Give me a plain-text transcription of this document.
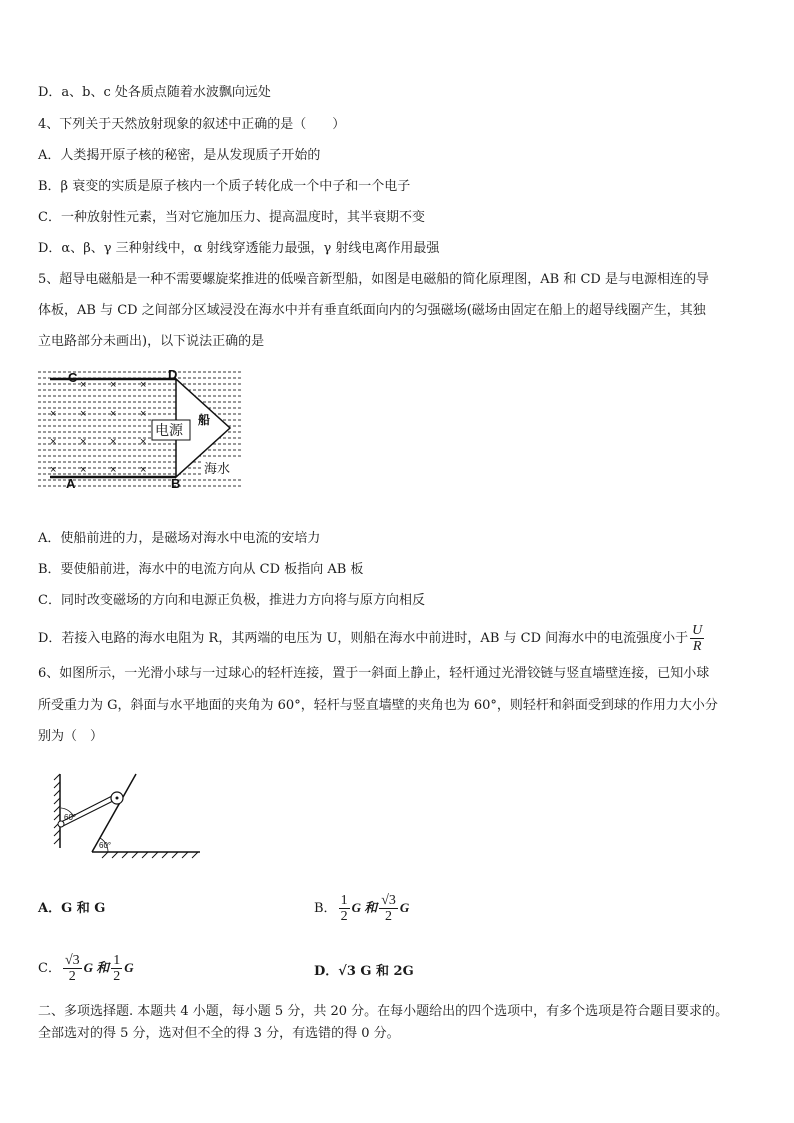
D．a、b、c 处各质点随着水波飘向远处
4、下列关于天然放射现象的叙述中正确的是（　　）
A．人类揭开原子核的秘密，是从发现质子开始的
B．β 衰变的实质是原子核内一个质子转化成一个中子和一个电子
C．一种放射性元素，当对它施加压力、提高温度时，其半衰期不变
D．α、β、γ 三种射线中，α 射线穿透能力最强，γ 射线电离作用最强
5、超导电磁船是一种不需要螺旋桨推进的低噪音新型船，如图是电磁船的简化原理图，AB 和 CD 是与电源相连的导
体板，AB 与 CD 之间部分区域浸没在海水中并有垂直纸面向内的匀强磁场(磁场由固定在船上的超导线圈产生，其独
立电路部分未画出)，以下说法正确的是
电源
船
海水
C	D
A	B
× × ×
× × × ×
× × × ×
× × × ×
A．使船前进的力，是磁场对海水中电流的安培力
B．要使船前进，海水中的电流方向从 CD 板指向 AB 板
C．同时改变磁场的方向和电源正负极，推进力方向将与原方向相反
D．若接入电路的海水电阻为 R，其两端的电压为 U，则船在海水中前进时，AB 与 CD 间海水中的电流强度小于 $\frac{U}{R}$
6、如图所示，一光滑小球与一过球心的轻杆连接，置于一斜面上静止，轻杆通过光滑铰链与竖直墙壁连接，已知小球
所受重力为 G，斜面与水平地面的夹角为 60°，轻杆与竖直墙壁的夹角也为 60°，则轻杆和斜面受到球的作用力大小分
别为（　）
60°
60°
A．G 和 G	B． $\frac{1}{2}$ G 和 $\frac{√3}{2}$ G
C． $\frac{√3}{2}$ G 和 $\frac{1}{2}$ G	D．√3 G 和 2G
二、多项选择题. 本题共 4 小题，每小题 5 分，共 20 分。在每小题给出的四个选项中，有多个选项是符合题目要求的。
全部选对的得 5 分，选对但不全的得 3 分，有选错的得 0 分。
